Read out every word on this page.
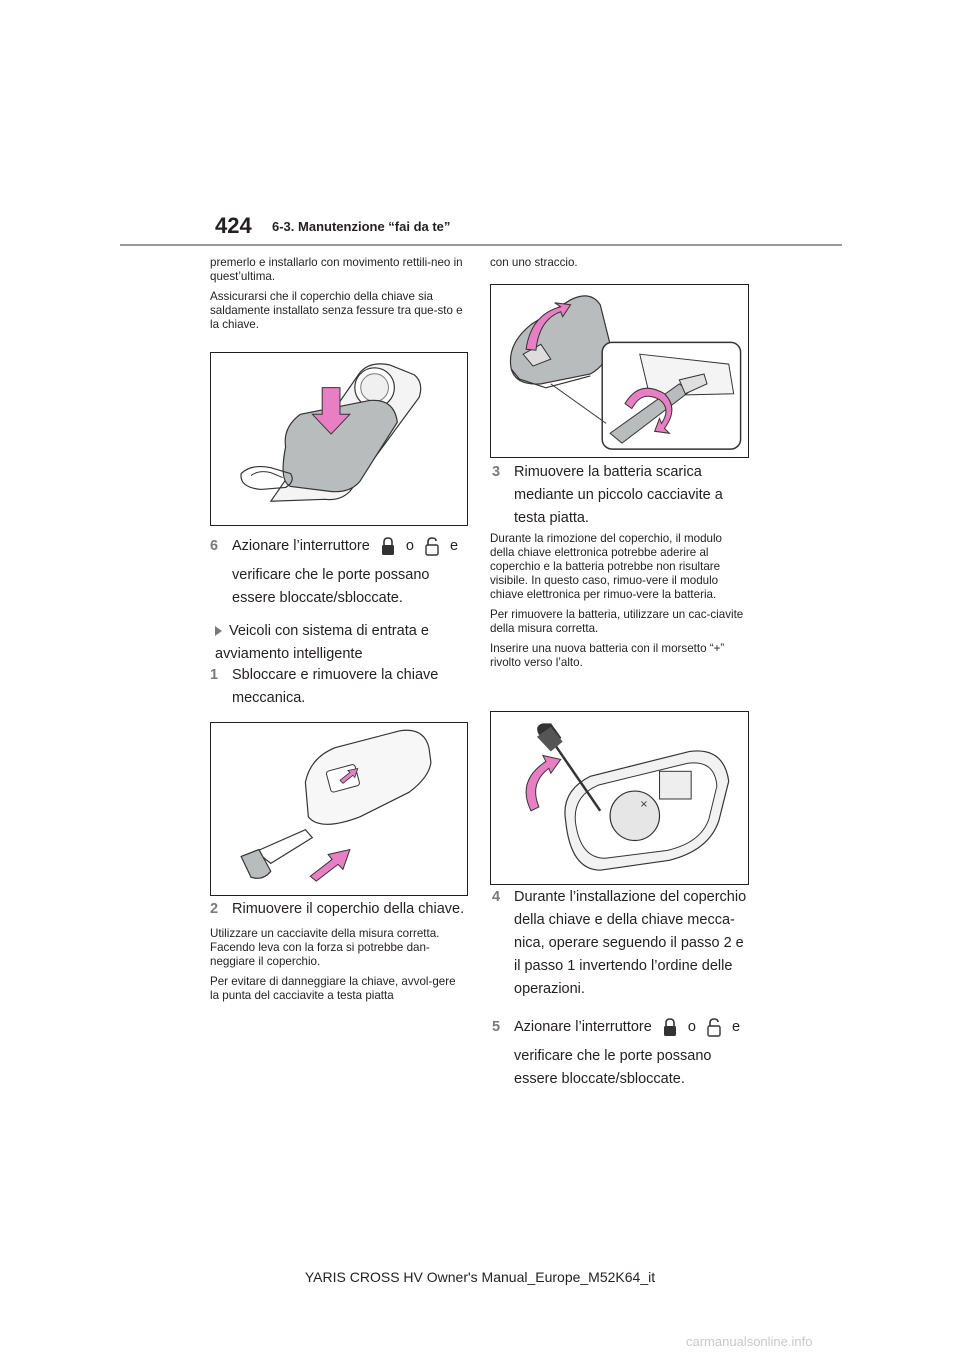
424 6-3. Manutenzione “fai da te”

premerlo e installarlo con movimento rettili-neo in quest’ultima.

Assicurarsi che il coperchio della chiave sia saldamente installato senza fessure tra que-sto e la chiave.

6 Azionare l’interruttore o e
verificare che le porte possano essere bloccate/sbloccate.
Veicoli con sistema di entrata e avviamento intelligente
1 Sbloccare e rimuovere la chiave meccanica.
2 Rimuovere il coperchio della chiave.

Utilizzare un cacciavite della misura corretta. Facendo leva con la forza si potrebbe dan-neggiare il coperchio.

Per evitare di danneggiare la chiave, avvol-gere la punta del cacciavite a testa piatta

con uno straccio.

3 Rimuovere la batteria scarica mediante un piccolo cacciavite a testa piatta.

Durante la rimozione del coperchio, il modulo della chiave elettronica potrebbe aderire al coperchio e la batteria potrebbe non risultare visibile. In questo caso, rimuo-vere il modulo chiave elettronica per rimuo-vere la batteria.

Per rimuovere la batteria, utilizzare un cac-ciavite della misura corretta.

Inserire una nuova batteria con il morsetto “+” rivolto verso l’alto.

×
4 Durante l’installazione del coperchio della chiave e della chiave mecca-nica, operare seguendo il passo 2 e il passo 1 invertendo l’ordine delle operazioni.
5 Azionare l’interruttore o e
verificare che le porte possano essere bloccate/sbloccate.
YARIS CROSS HV Owner's Manual_Europe_M52K64_it
carmanualsonline.info
